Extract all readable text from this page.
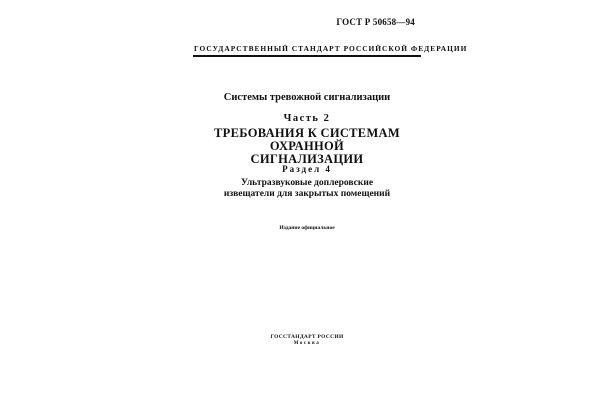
ГОСТ Р 50658—94
ГОСУДАРСТВЕННЫЙ СТАНДАРТ РОССИЙСКОЙ ФЕДЕРАЦИИ
Системы тревожной сигнализации
Часть 2
ТРЕБОВАНИЯ К СИСТЕМАМ ОХРАННОЙ
СИГНАЛИЗАЦИИ
Раздел 4
Ультразвуковые доплеровские
извещатели для закрытых помещений
Издание официальное
ГОССТАНДАРТ РОССИИ
Москва
